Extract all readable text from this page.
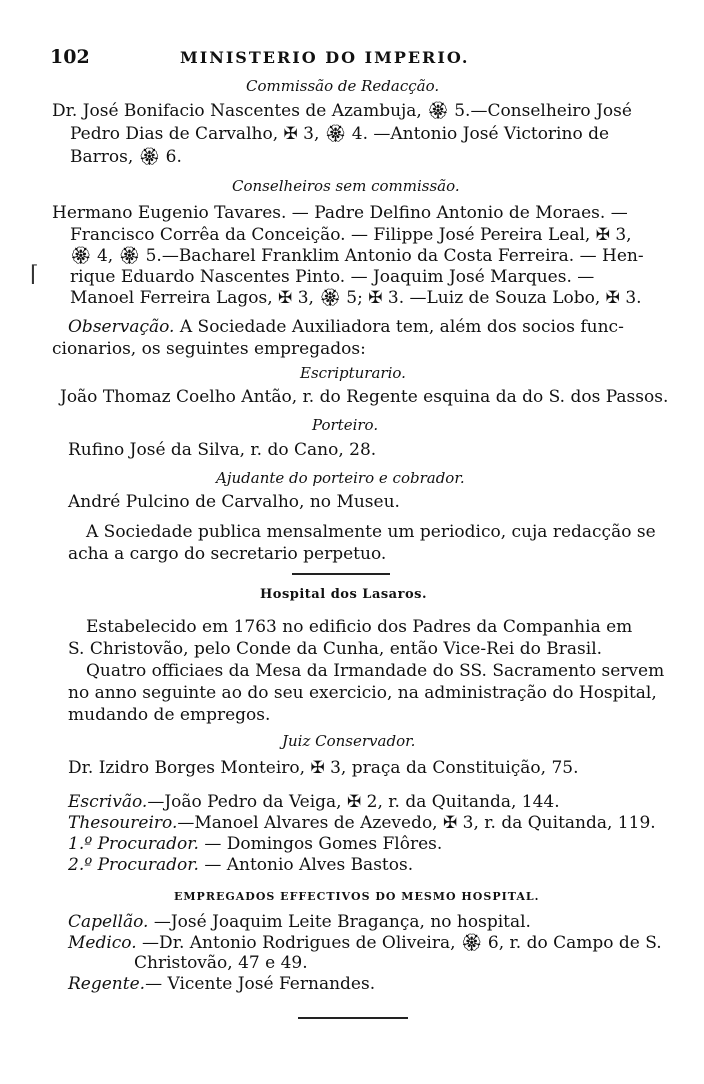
102	MINISTERIO DO IMPERIO.
Commissão de Redacção.
Dr. José Bonifacio Nascentes de Azambuja, 🏵 5.—Conselheiro José
Pedro Dias de Carvalho, ✠ 3, 🏵 4. —Antonio José Victorino de
Barros, 🏵 6.
Conselheiros sem commissão.
Hermano Eugenio Tavares. — Padre Delfino Antonio de Moraes. —
Francisco Corrêa da Conceição. — Filippe José Pereira Leal, ✠ 3,
🏵 4, 🏵 5.—Bacharel Franklim Antonio da Costa Ferreira. — Hen-
rique Eduardo Nascentes Pinto. — Joaquim José Marques. —
Manoel Ferreira Lagos, ✠ 3, 🏵 5; ✠ 3. —Luiz de Souza Lobo, ✠ 3.
⌈
Observação. A Sociedade Auxiliadora tem, além dos socios func-
cionarios, os seguintes empregados:
Escripturario.
João Thomaz Coelho Antão, r. do Regente esquina da do S. dos Passos.
Porteiro.
Rufino José da Silva, r. do Cano, 28.
Ajudante do porteiro e cobrador.
André Pulcino de Carvalho, no Museu.
A Sociedade publica mensalmente um periodico, cuja redacção se
acha a cargo do secretario perpetuo.
Hospital dos Lasaros.
Estabelecido em 1763 no edificio dos Padres da Companhia em
S. Christovão, pelo Conde da Cunha, então Vice-Rei do Brasil.
Quatro officiaes da Mesa da Irmandade do SS. Sacramento servem
no anno seguinte ao do seu exercicio, na administração do Hospital,
mudando de empregos.
Juiz Conservador.
Dr. Izidro Borges Monteiro, ✠ 3, praça da Constituição, 75.
Escrivão.—João Pedro da Veiga, ✠ 2, r. da Quitanda, 144.
Thesoureiro.—Manoel Alvares de Azevedo, ✠ 3, r. da Quitanda, 119.
1.º Procurador. — Domingos Gomes Flôres.
2.º Procurador. — Antonio Alves Bastos.
EMPREGADOS EFFECTIVOS DO MESMO HOSPITAL.
Capellão. —José Joaquim Leite Bragança, no hospital.
Medico. —Dr. Antonio Rodrigues de Oliveira, 🏵 6, r. do Campo de S.
Christovão, 47 e 49.
Regente.— Vicente José Fernandes.
